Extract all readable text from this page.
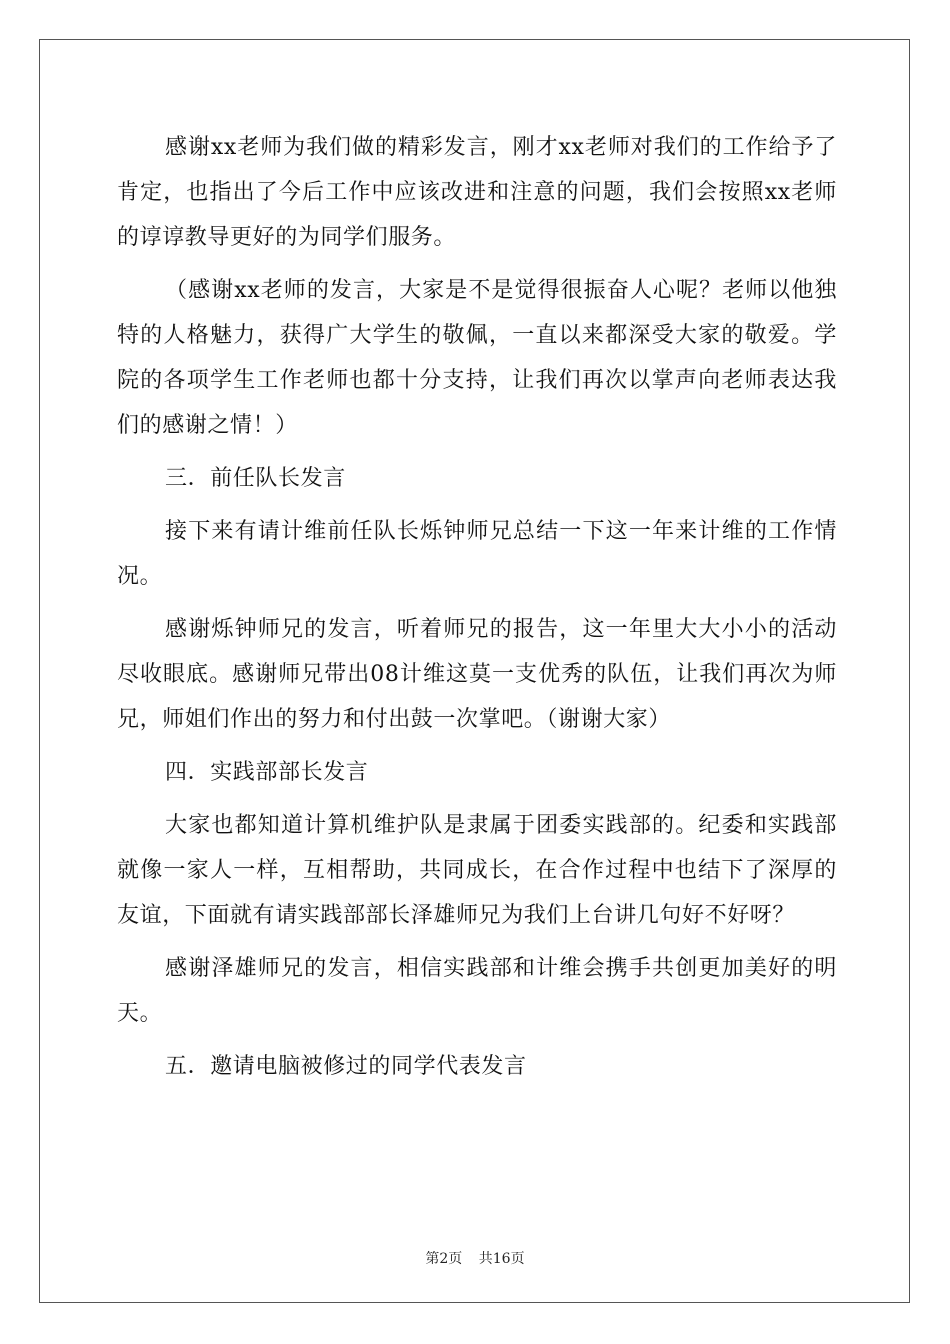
感谢xx老师为我们做的精彩发言，刚才xx老师对我们的工作给予了肯定，也指出了今后工作中应该改进和注意的问题，我们会按照xx老师的谆谆教导更好的为同学们服务。

（感谢xx老师的发言，大家是不是觉得很振奋人心呢？老师以他独特的人格魅力，获得广大学生的敬佩，一直以来都深受大家的敬爱。学院的各项学生工作老师也都十分支持，让我们再次以掌声向老师表达我们的感谢之情！）

三．前任队长发言

接下来有请计维前任队长烁钟师兄总结一下这一年来计维的工作情况。

感谢烁钟师兄的发言，听着师兄的报告，这一年里大大小小的活动尽收眼底。感谢师兄带出08计维这莫一支优秀的队伍，让我们再次为师兄，师姐们作出的努力和付出鼓一次掌吧。（谢谢大家）

四．实践部部长发言

大家也都知道计算机维护队是隶属于团委实践部的。纪委和实践部就像一家人一样，互相帮助，共同成长，在合作过程中也结下了深厚的友谊，下面就有请实践部部长泽雄师兄为我们上台讲几句好不好呀？

感谢泽雄师兄的发言，相信实践部和计维会携手共创更加美好的明天。

五．邀请电脑被修过的同学代表发言

第2页 共16页
